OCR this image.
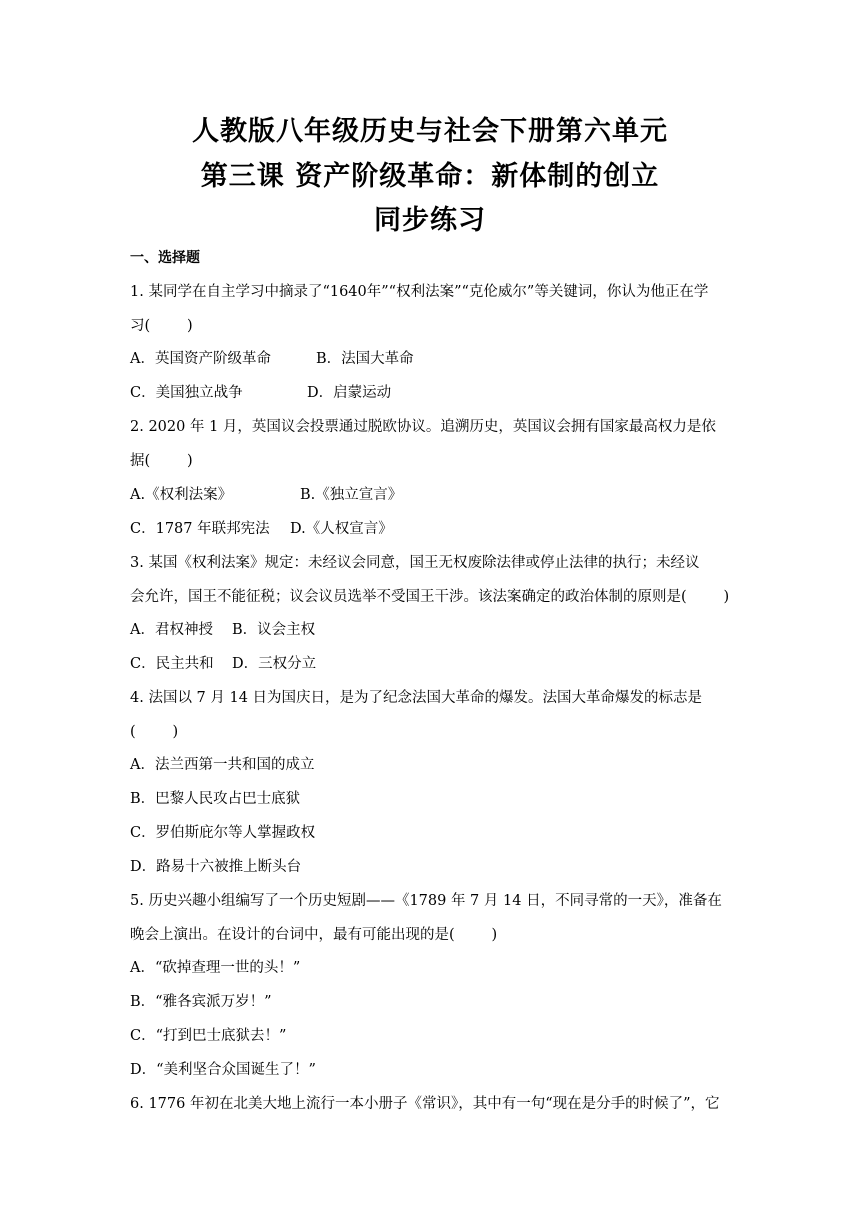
人教版八年级历史与社会下册第六单元
第三课 资产阶级革命：新体制的创立
同步练习
一、选择题
1. 某同学在自主学习中摘录了“1640年”“权利法案”“克伦威尔”等关键词，你认为他正在学
习(        )
A．英国资产阶级革命	B．法国大革命
C．美国独立战争	D．启蒙运动
2. 2020 年 1 月，英国议会投票通过脱欧协议。追溯历史，英国议会拥有国家最高权力是依
据(        )
A.《权利法案》	B.《独立宣言》
C．1787 年联邦宪法 D.《人权宣言》
3. 某国《权利法案》规定：未经议会同意，国王无权废除法律或停止法律的执行；未经议
会允许，国王不能征税；议会议员选举不受国王干涉。该法案确定的政治体制的原则是(        )
A．君权神授 B．议会主权
C．民主共和 D．三权分立
4. 法国以 7 月 14 日为国庆日，是为了纪念法国大革命的爆发。法国大革命爆发的标志是
(        )
A．法兰西第一共和国的成立
B．巴黎人民攻占巴士底狱
C．罗伯斯庇尔等人掌握政权
D．路易十六被推上断头台
5. 历史兴趣小组编写了一个历史短剧——《1789 年 7 月 14 日，不同寻常的一天》，准备在
晚会上演出。在设计的台词中，最有可能出现的是(        )
A．“砍掉查理一世的头！”
B．“雅各宾派万岁！”
C．“打到巴士底狱去！”
D．“美利坚合众国诞生了！”
6. 1776 年初在北美大地上流行一本小册子《常识》，其中有一句“现在是分手的时候了”，它
